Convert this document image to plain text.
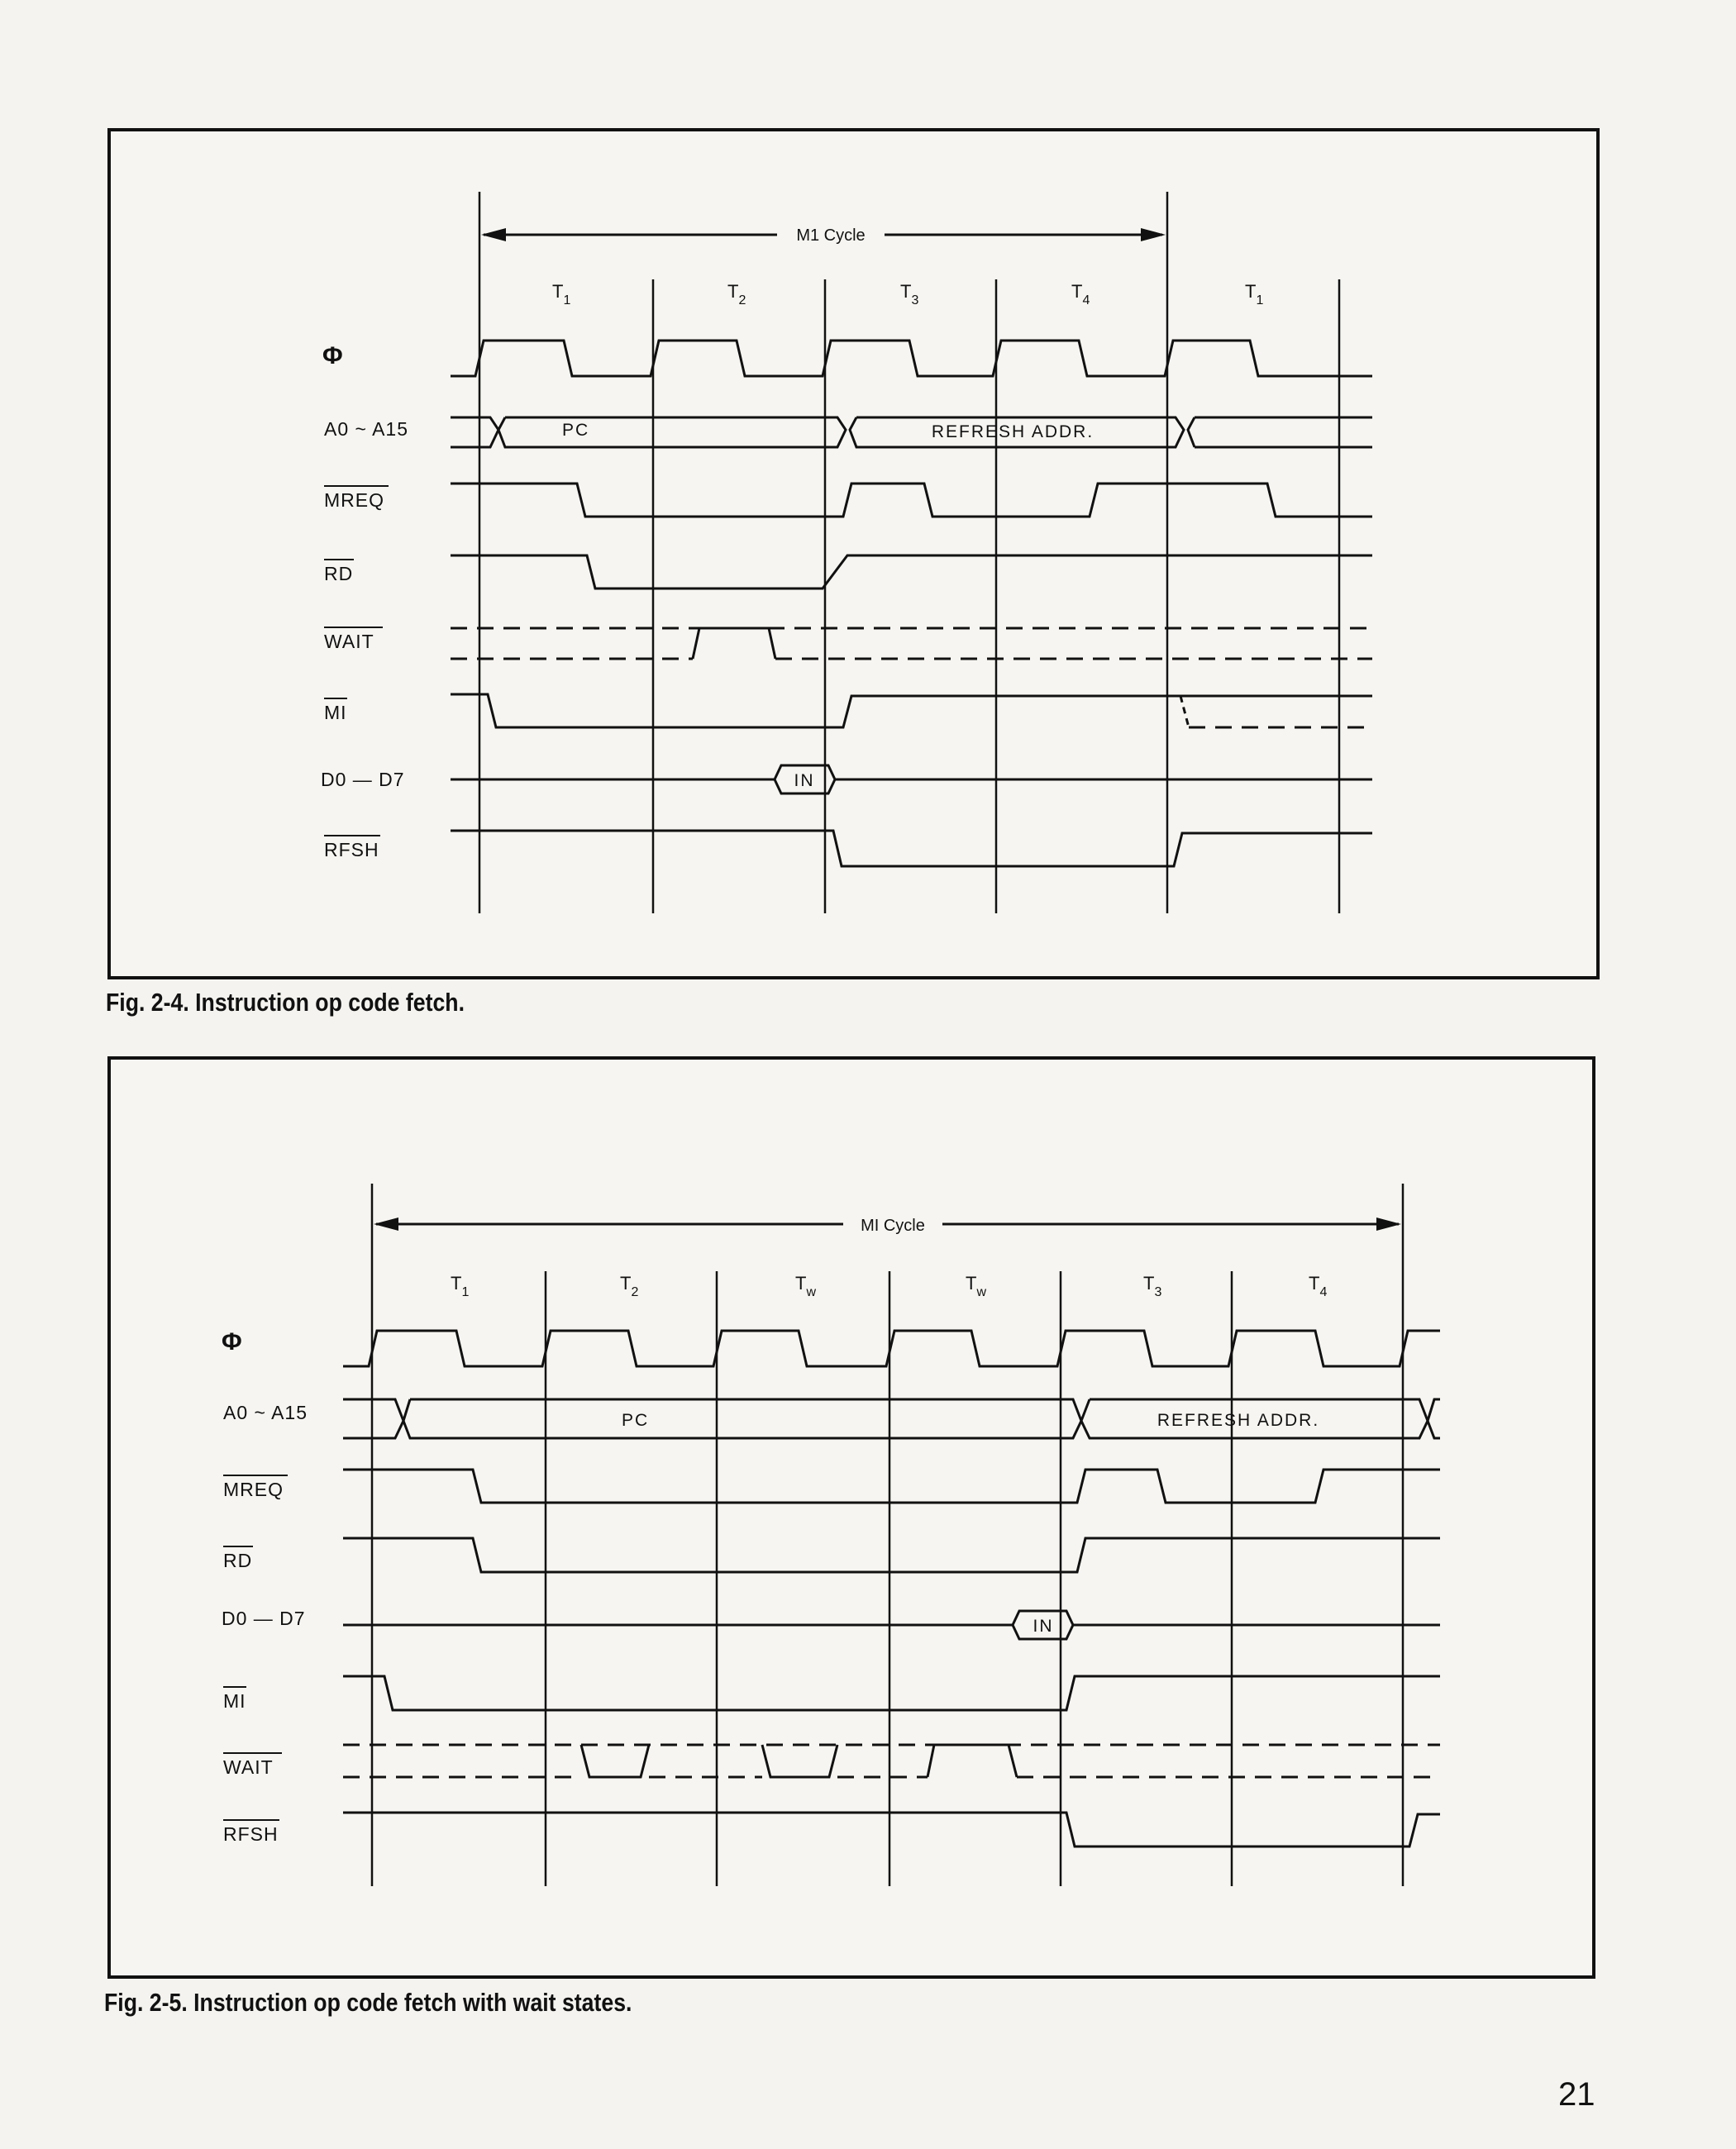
M1 Cycle
$T_1$	$T_2$	$T_3$	$T_4$	$T_1$
Φ
A0 ~ A15
MREQ
RD
WAIT
MI
D0 — D7
RFSH
PC	REFRESH ADDR.
IN
Fig. 2-4. Instruction op code fetch.
MI Cycle
$T_1$	$T_2$	$T_w$	$T_w$	$T_3$	$T_4$
Φ
A0 ~ A15
MREQ
RD
D0 — D7
MI
WAIT
RFSH
PC	REFRESH ADDR.
IN
Fig. 2-5. Instruction op code fetch with wait states.
21
